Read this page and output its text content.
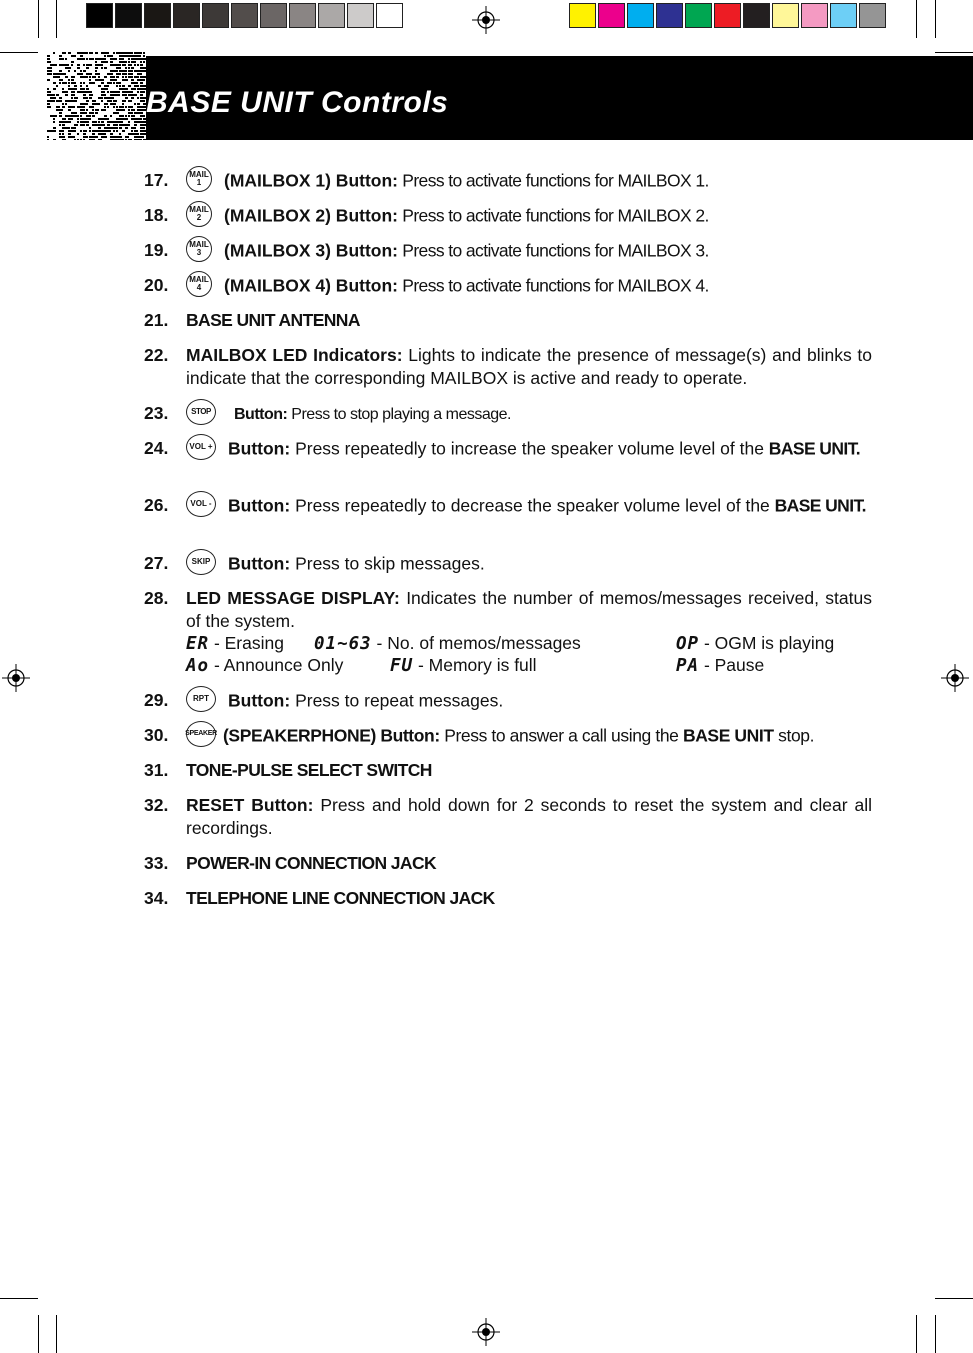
BASE UNIT Controls
17.	MAIL 1 (MAILBOX 1) Button: Press to activate functions for MAILBOX 1.
18.	MAIL 2 (MAILBOX 2) Button: Press to activate functions for MAILBOX 2.
19.	MAIL 3 (MAILBOX 3) Button: Press to activate functions for MAILBOX 3.
20.	MAIL 4 (MAILBOX 4) Button: Press to activate functions for MAILBOX 4.
21. BASE UNIT ANTENNA
22. MAILBOX LED Indicators: Lights to indicate the presence of message(s) and blinks to indicate that the corresponding MAILBOX is active and ready to operate.
23.	STOP Button: Press to stop playing a message.
24.	VOL + Button: Press repeatedly to increase the speaker volume level of the BASE UNIT.
26.	VOL - Button: Press repeatedly to decrease the speaker volume level of the BASE UNIT.
27.	SKIP Button: Press to skip messages.
28. LED MESSAGE DISPLAY: Indicates the number of memos/messages received, status of the system.
ER - Erasing 01~63 - No. of memos/messages	OP - OGM is playing
Ao - Announce Only	FU - Memory is full	PA - Pause
29.	RPT Button: Press to repeat messages.
30. SPEAKER (SPEAKERPHONE) Button: Press to answer a call using the BASE UNIT stop.
31. TONE-PULSE SELECT SWITCH
32. RESET Button: Press and hold down for 2 seconds to reset the system and clear all recordings.
33. POWER-IN CONNECTION JACK
34. TELEPHONE LINE CONNECTION JACK
